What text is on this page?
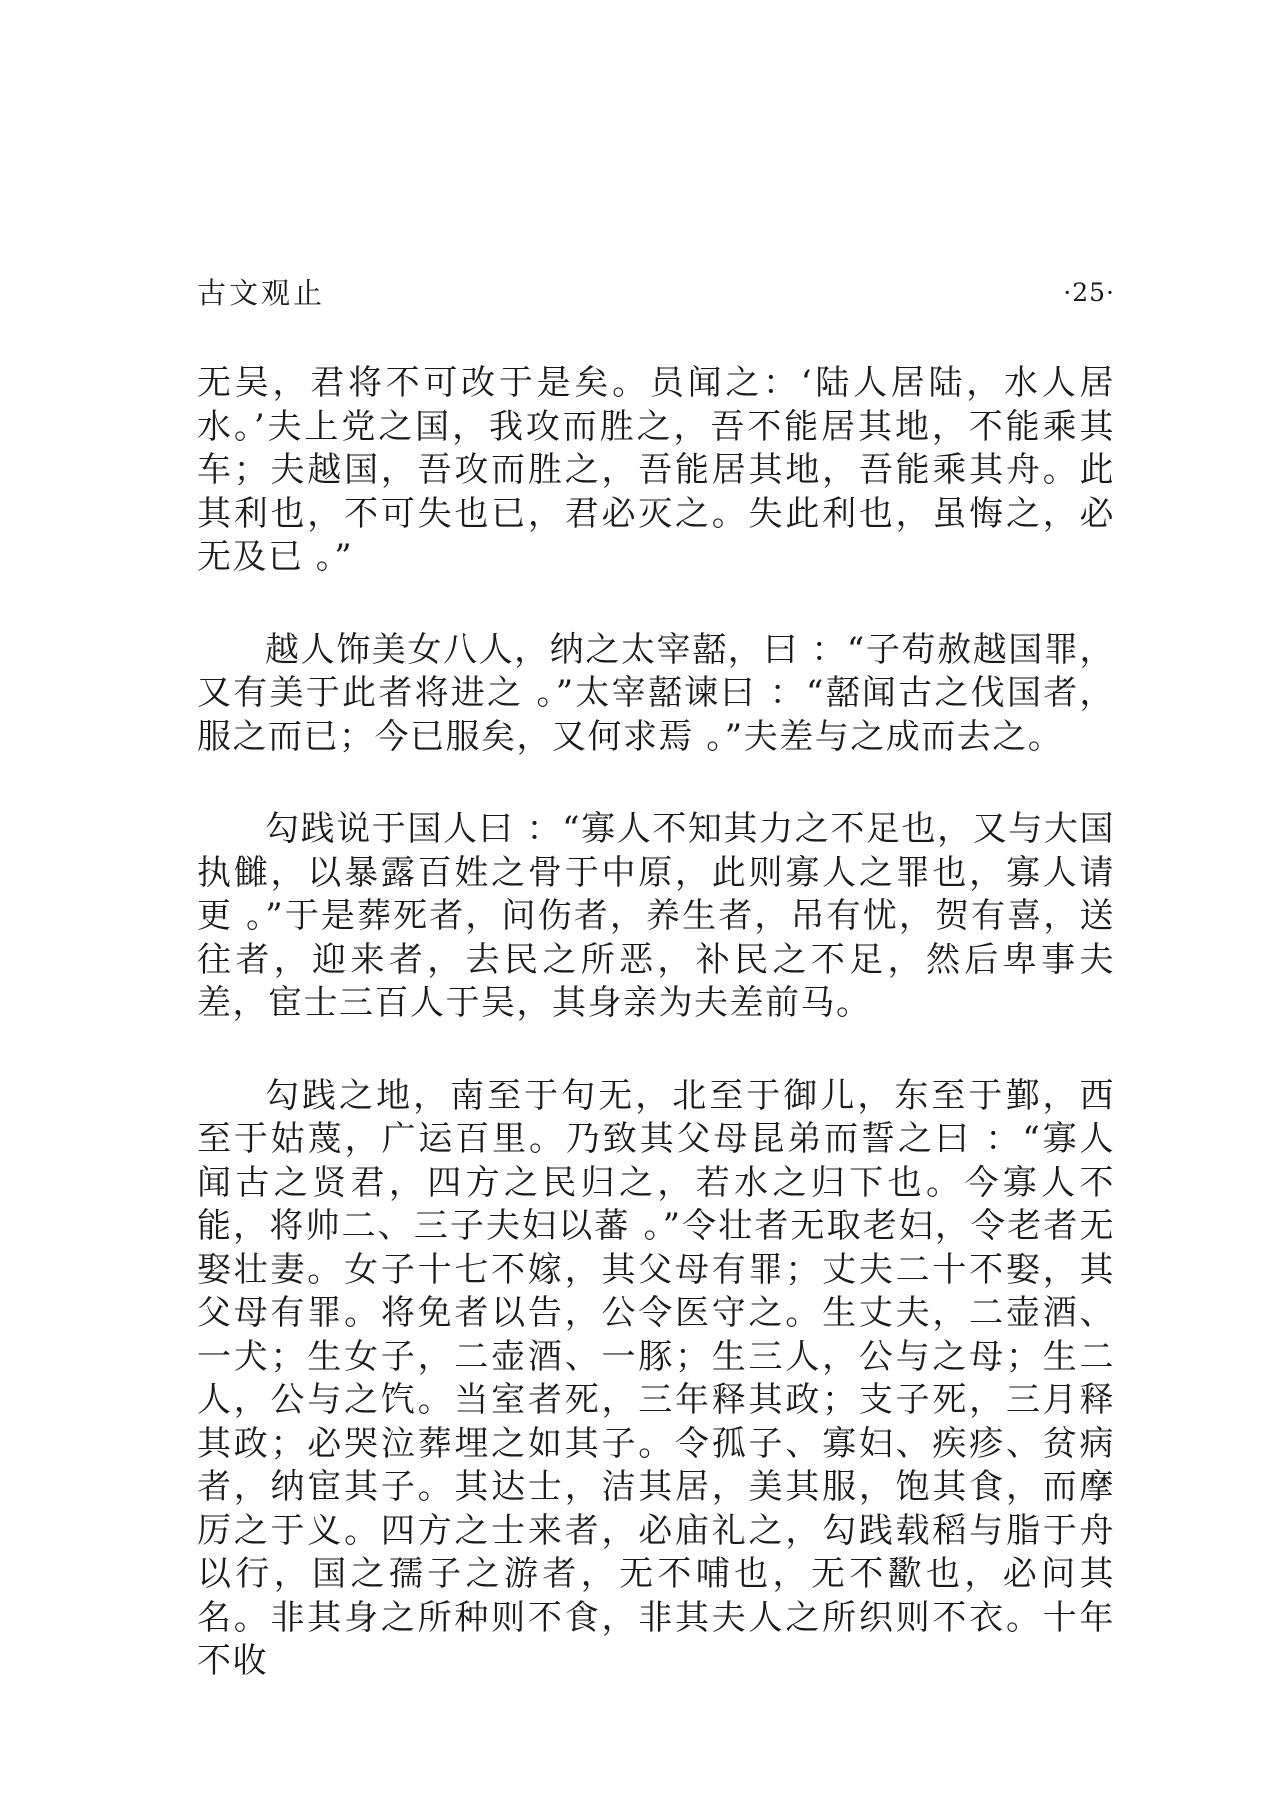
古文观止	·25·

无吴，君将不可改于是矣。员闻之：‘陆人居陆，水人居水。’夫上党之国，我攻而胜之，吾不能居其地，不能乘其车；夫越国，吾攻而胜之，吾能居其地，吾能乘其舟。此其利也，不可失也已，君必灭之。失此利也，虽悔之，必无及已 。”

越人饰美女八人，纳之太宰嚭，曰 ：“子苟赦越国罪，又有美于此者将进之 。”太宰嚭谏曰 ：“嚭闻古之伐国者，服之而已；今已服矣，又何求焉 。”夫差与之成而去之。

勾践说于国人曰 ：“寡人不知其力之不足也，又与大国执雠，以暴露百姓之骨于中原，此则寡人之罪也，寡人请更 。”于是葬死者，问伤者，养生者，吊有忧，贺有喜，送往者，迎来者，去民之所恶，补民之不足，然后卑事夫差，宦士三百人于吴，其身亲为夫差前马。

勾践之地，南至于句无，北至于御儿，东至于鄞，西至于姑蔑，广运百里。乃致其父母昆弟而誓之曰 ：“寡人闻古之贤君，四方之民归之，若水之归下也。今寡人不能，将帅二、三子夫妇以蕃 。”令壮者无取老妇，令老者无娶壮妻。女子十七不嫁，其父母有罪；丈夫二十不娶，其父母有罪。将免者以告，公令医守之。生丈夫，二壶酒、一犬；生女子，二壶酒、一豚；生三人，公与之母；生二人，公与之饩。当室者死，三年释其政；支子死，三月释其政；必哭泣葬埋之如其子。令孤子、寡妇、疾疹、贫病者，纳宦其子。其达士，洁其居，美其服，饱其食，而摩厉之于义。四方之士来者，必庙礼之，勾践载稻与脂于舟以行，国之孺子之游者，无不哺也，无不歠也，必问其名。非其身之所种则不食，非其夫人之所织则不衣。十年不收
